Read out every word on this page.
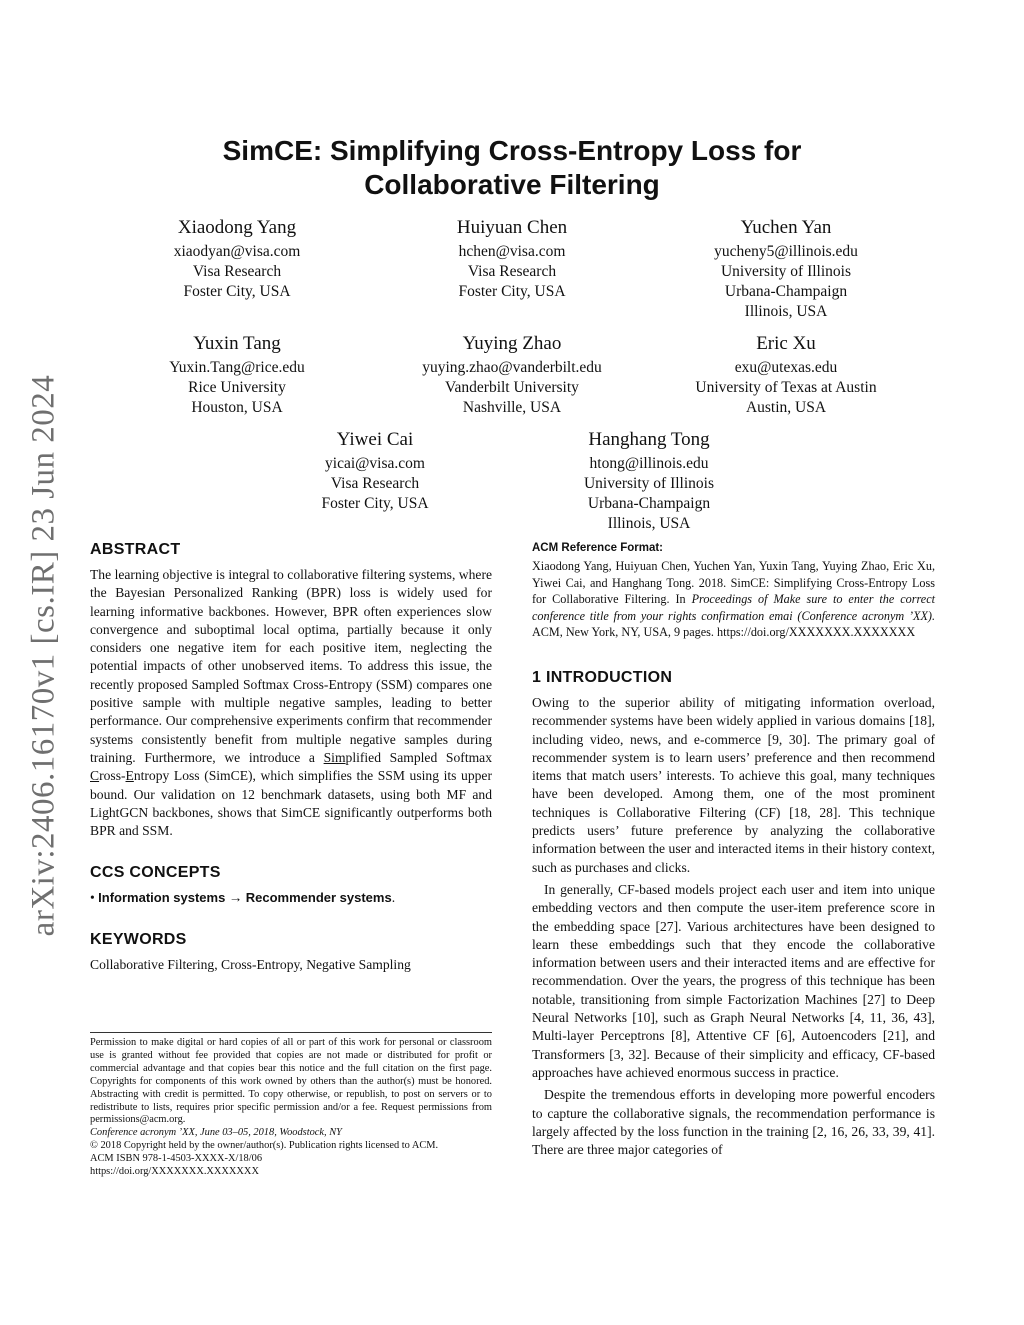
arXiv:2406.16170v1 [cs.IR] 23 Jun 2024
SimCE: Simplifying Cross-Entropy Loss for
Collaborative Filtering
Xiaodong Yang
xiaodyan@visa.com
Visa Research
Foster City, USA
Huiyuan Chen
hchen@visa.com
Visa Research
Foster City, USA
Yuchen Yan
yucheny5@illinois.edu
University of Illinois
Urbana-Champaign
Illinois, USA
Yuxin Tang
Yuxin.Tang@rice.edu
Rice University
Houston, USA
Yuying Zhao
yuying.zhao@vanderbilt.edu
Vanderbilt University
Nashville, USA
Eric Xu
exu@utexas.edu
University of Texas at Austin
Austin, USA
Yiwei Cai
yicai@visa.com
Visa Research
Foster City, USA
Hanghang Tong
htong@illinois.edu
University of Illinois
Urbana-Champaign
Illinois, USA
ABSTRACT

The learning objective is integral to collaborative filtering systems, where the Bayesian Personalized Ranking (BPR) loss is widely used for learning informative backbones. However, BPR often experiences slow convergence and suboptimal local optima, partially because it only considers one negative item for each positive item, neglecting the potential impacts of other unobserved items. To address this issue, the recently proposed Sampled Softmax Cross-Entropy (SSM) compares one positive sample with multiple negative samples, leading to better performance. Our comprehensive experiments confirm that recommender systems consistently benefit from multiple negative samples during training. Furthermore, we introduce a Simplified Sampled Softmax Cross-Entropy Loss (SimCE), which simplifies the SSM using its upper bound. Our validation on 12 benchmark datasets, using both MF and LightGCN backbones, shows that SimCE significantly outperforms both BPR and SSM.

CCS CONCEPTS

• Information systems → Recommender systems.

KEYWORDS

Collaborative Filtering, Cross-Entropy, Negative Sampling

Permission to make digital or hard copies of all or part of this work for personal or classroom use is granted without fee provided that copies are not made or distributed for profit or commercial advantage and that copies bear this notice and the full citation on the first page. Copyrights for components of this work owned by others than the author(s) must be honored. Abstracting with credit is permitted. To copy otherwise, or republish, to post on servers or to redistribute to lists, requires prior specific permission and/or a fee. Request permissions from permissions@acm.org.

Conference acronym ’XX, June 03–05, 2018, Woodstock, NY

© 2018 Copyright held by the owner/author(s). Publication rights licensed to ACM.

ACM ISBN 978-1-4503-XXXX-X/18/06

https://doi.org/XXXXXXX.XXXXXXX

ACM Reference Format:

Xiaodong Yang, Huiyuan Chen, Yuchen Yan, Yuxin Tang, Yuying Zhao, Eric Xu, Yiwei Cai, and Hanghang Tong. 2018. SimCE: Simplifying Cross-Entropy Loss for Collaborative Filtering. In Proceedings of Make sure to enter the correct conference title from your rights confirmation emai (Conference acronym ’XX). ACM, New York, NY, USA, 9 pages. https://doi.org/XXXXXXX.XXXXXXX

1 INTRODUCTION

Owing to the superior ability of mitigating information overload, recommender systems have been widely applied in various domains [18], including video, news, and e-commerce [9, 30]. The primary goal of recommender system is to learn users’ preference and then recommend items that match users’ interests. To achieve this goal, many techniques have been developed. Among them, one of the most prominent techniques is Collaborative Filtering (CF) [18, 28]. This technique predicts users’ future preference by analyzing the collaborative information between the user and interacted items in their history context, such as purchases and clicks.

In generally, CF-based models project each user and item into unique embedding vectors and then compute the user-item preference score in the embedding space [27]. Various architectures have been designed to learn these embeddings such that they encode the collaborative information between users and their interacted items and are effective for recommendation. Over the years, the progress of this technique has been notable, transitioning from simple Factorization Machines [27] to Deep Neural Networks [10], such as Graph Neural Networks [4, 11, 36, 43], Multi-layer Perceptrons [8], Attentive CF [6], Autoencoders [21], and Transformers [3, 32]. Because of their simplicity and efficacy, CF-based approaches have achieved enormous success in practice.

Despite the tremendous efforts in developing more powerful encoders to capture the collaborative signals, the recommendation performance is largely affected by the loss function in the training [2, 16, 26, 33, 39, 41]. There are three major categories of
